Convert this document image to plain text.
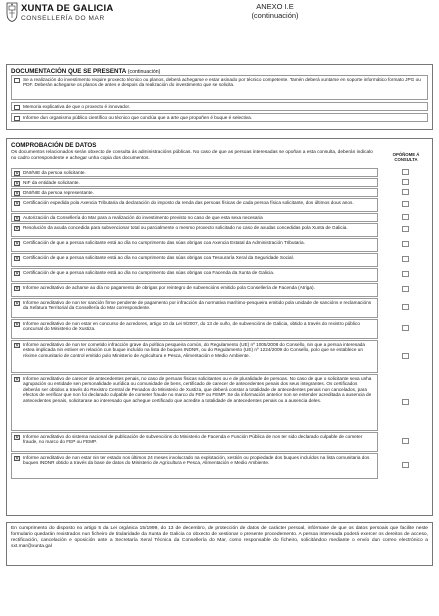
XUNTA DE GALICIA
CONSELLERÍA DO MAR
ANEXO I.E
(continuación)
DOCUMENTACIÓN QUE SE PRESENTA (continuación)
Se a realización do investimento require proxecto técnico ou planos, deberá achegarse e estar asinado por técnico competente. Tamén deberá xuntarse en soporte informático formato JPG ou PDF. Deberán achegarse os planos de antes e despois da realización do investimento que se solicita.
Memoria explicativa de que o proxecto é innovador.
Informe dun organismo público científico ou técnico que conclúa que a arte que propoñen é buque é selectiva.
COMPROBACIÓN DE DATOS
Os documentos relacionados serán obxecto de consulta ás administracións públicas. No caso de que as persoas interesadas se opoñan a esta consulta, deberán indicalo no cadro correspondente e achegar unha copia dos documentos.
OPÓÑOME Á CONSULTA
✕ DNI/NIE da persoa solicitante.
✕ NIF da entidade solicitante.
✕ DNI/NIE da persoa representante.
✕ Certificación expedida pola Axencia Tributaria da declaración do imposto da renda das persoas físicas de cada persoa física solicitante, dos últimos dous anos.
✕ Autorización da Consellería do Mar para a realización do investimento previsto no caso de que esta sexa necesaria
✕ Resolución da axuda concedida para subvencionar total ou parcialmente o mesmo proxecto solicitado no caso de axudas concedidas pola Xunta de Galicia.
✕ Certificación de que a persoa solicitante está ao día no cumprimento das súas obrigas coa Axencia Estatal da Administración Tributaria.
✕ Certificación de que a persoa solicitante está ao día no cumprimento das súas obrigas coa Tesouraría Xeral da Seguridade Social.
✕ Certificación de que a persoa solicitante está ao día no cumprimento das súas obrigas coa Facenda da Xunta de Galicia.
✕ Informe acreditativo de acharse ao día no pagamento de obrigas por reintegro de subvencións emitido pola Consellería de Facenda (Atriga).
✕ Informe acreditativo de non ter sanción firme pendente de pagamento por infracción da normativa marítimo-pesqueira emitido pola unidade de sancións e reclamacións da Xefatura Territorial da Consellería do Mar correspondente.
✕ Informe acreditativo de non estar en concurso de acredores, artigo 10 da Lei 9/2007, do 13 de xuño, de subvencións de Galicia, obtido a través do rexistro público concursal do Ministerio de Xustiza.
✕ Informe acreditativo de non ter cometido infracción grave da política pesqueira común, do Regulamento (UE) nº 1005/2008 do Consello, nin que a persoa interesada estea implicada nin estiver en relación cun buque incluído na lista de buques INDNR, ou do Regulamento (UE) nº 1224/2009 do Consello, polo que se establece un réxime comunitario de control emitido polo Ministerio de Agricultura e Pesca, Alimentación e Medio Ambiente.
✕ Informe acreditativo de carecer de antecedentes penais, no caso de persoas físicas solicitantes ou e de pluralidade de persoas. No caso de que o solicitante sexa unha agrupación ou entidade sen personalidade xurídica ou comunidade de bens, certificado de carecer de antecedentes penais dos seus integrantes. Os certificados deberán ser obtidos a través do Rexistro Central de Penados do Ministerio de Xustiza, que deberá constar a totalidade de antecedentes penais non cancelados, para efectos de verificar que non foi declarado culpable de cometer fraude no marco do FEP ou FEMP. Se da información anterior non se entender acreditada a ausencia de antecedentes penais, solicitarase ao interesado que achegue certificado que acredite a totalidade de antecedentes penais ou a ausencia deles.
✕ Informe acreditativo do sistema nacional de publicación de subvencións do Ministerio de Facenda e Función Pública de non ter sido declarado culpable de cometer fraude, no marco do FEP ou FEMP.
✕ Informe acreditativo de non estar nin ter estado nos últimos 24 meses involucrado na explotación, xestión ou propiedade dos buques incluídos na lista comunitaria dos buques INDNR obtido a través da base de datos do Ministerio de Agricultura e Pesca, Alimentación e Medio Ambiente.
En cumprimento do disposto no artigo 5 da Lei orgánica 15/1999, do 13 de decembro, de protección de datos de carácter persoal, infórmase de que os datos persoais que facilite neste formulario quedarán rexistrados nun ficheiro de titularidade da Xunta de Galicia co obxecto de xestionar o presente procedemento. A persoa interesada poderá exercer os dereitos de acceso, rectificación, cancelación e oposición ante a Secretaría Xeral Técnica da Consellería do Mar, como responsable do ficheiro, solicitándoo mediante o envío dun correo electrónico a sxt.mar@xunta.gal
